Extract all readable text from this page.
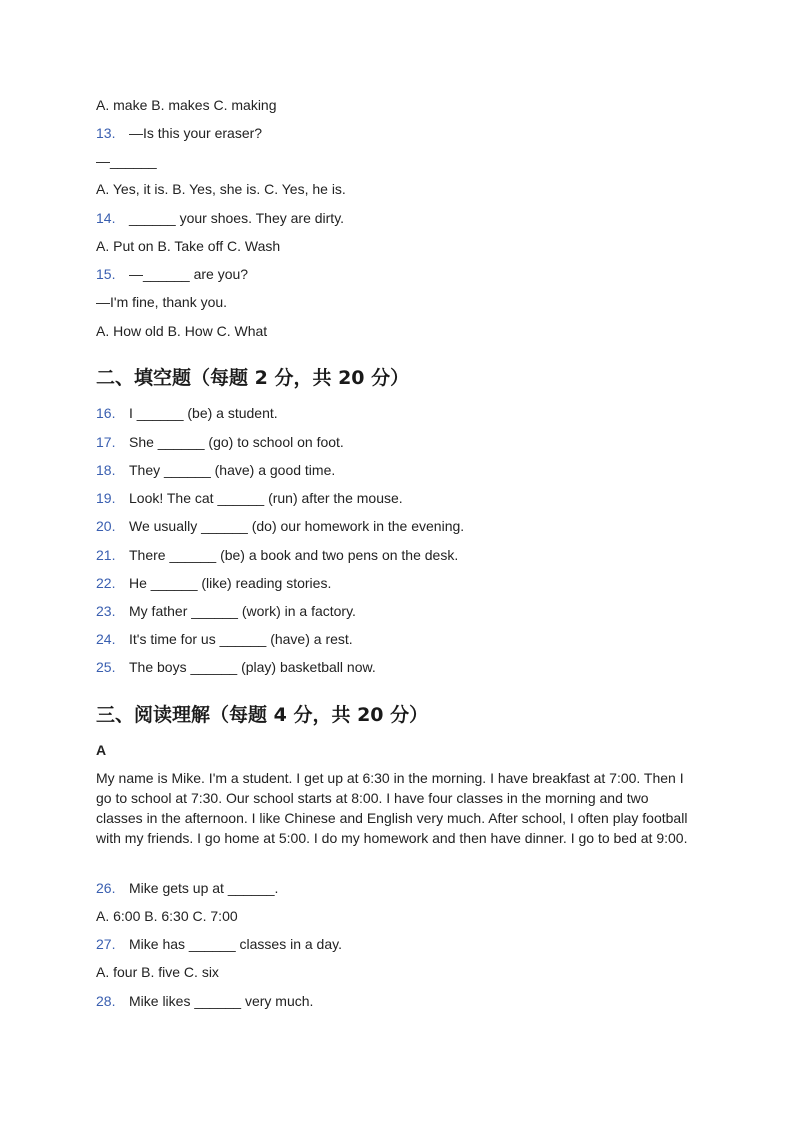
A. make B. makes C. making
13. —Is this your eraser?
—______
A. Yes, it is. B. Yes, she is. C. Yes, he is.
14. ______ your shoes. They are dirty.
A. Put on B. Take off C. Wash
15. —______ are you?
—I'm fine, thank you.
A. How old B. How C. What
二、填空题（每题 2 分，共 20 分）
16. I ______ (be) a student.
17. She ______ (go) to school on foot.
18. They ______ (have) a good time.
19. Look! The cat ______ (run) after the mouse.
20. We usually ______ (do) our homework in the evening.
21. There ______ (be) a book and two pens on the desk.
22. He ______ (like) reading stories.
23. My father ______ (work) in a factory.
24. It's time for us ______ (have) a rest.
25. The boys ______ (play) basketball now.
三、阅读理解（每题 4 分，共 20 分）
A
My name is Mike. I'm a student. I get up at 6:30 in the morning. I have breakfast at 7:00. Then I go to school at 7:30. Our school starts at 8:00. I have four classes in the morning and two classes in the afternoon. I like Chinese and English very much. After school, I often play football with my friends. I go home at 5:00. I do my homework and then have dinner. I go to bed at 9:00.
26. Mike gets up at ______.
A. 6:00 B. 6:30 C. 7:00
27. Mike has ______ classes in a day.
A. four B. five C. six
28. Mike likes ______ very much.
